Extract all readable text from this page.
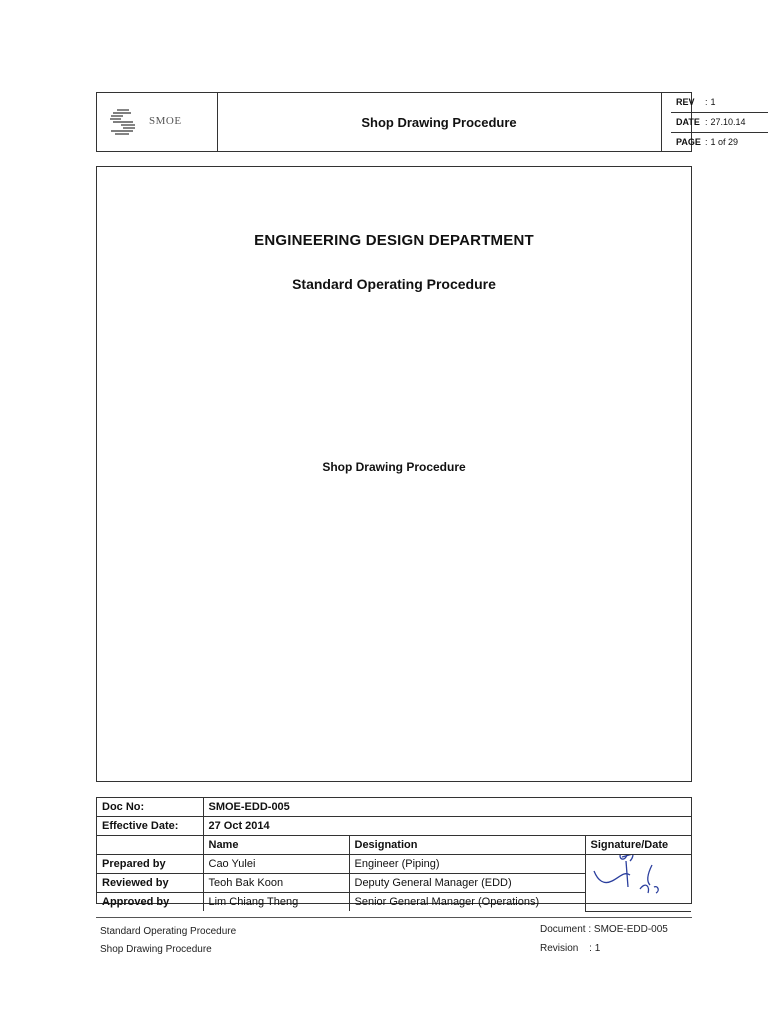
SMOE	Shop Drawing Procedure
REV : 1
DATE : 27.10.14
PAGE : 1 of 29
ENGINEERING DESIGN DEPARTMENT
Standard Operating Procedure
Shop Drawing Procedure
Doc No:	SMOE-EDD-005		
Effective Date:	27 Oct 2014		
	Name	Designation	Signature/Date
Prepared by	Cao Yulei	Engineer (Piping)	

Reviewed by	Teoh Bak Koon	Deputy General Manager (EDD)	
Approved by	Lim Chiang Theng	Senior General Manager (Operations)	
Standard Operating Procedure
Shop Drawing Procedure
Document : SMOE-EDD-005
Revision : 1
